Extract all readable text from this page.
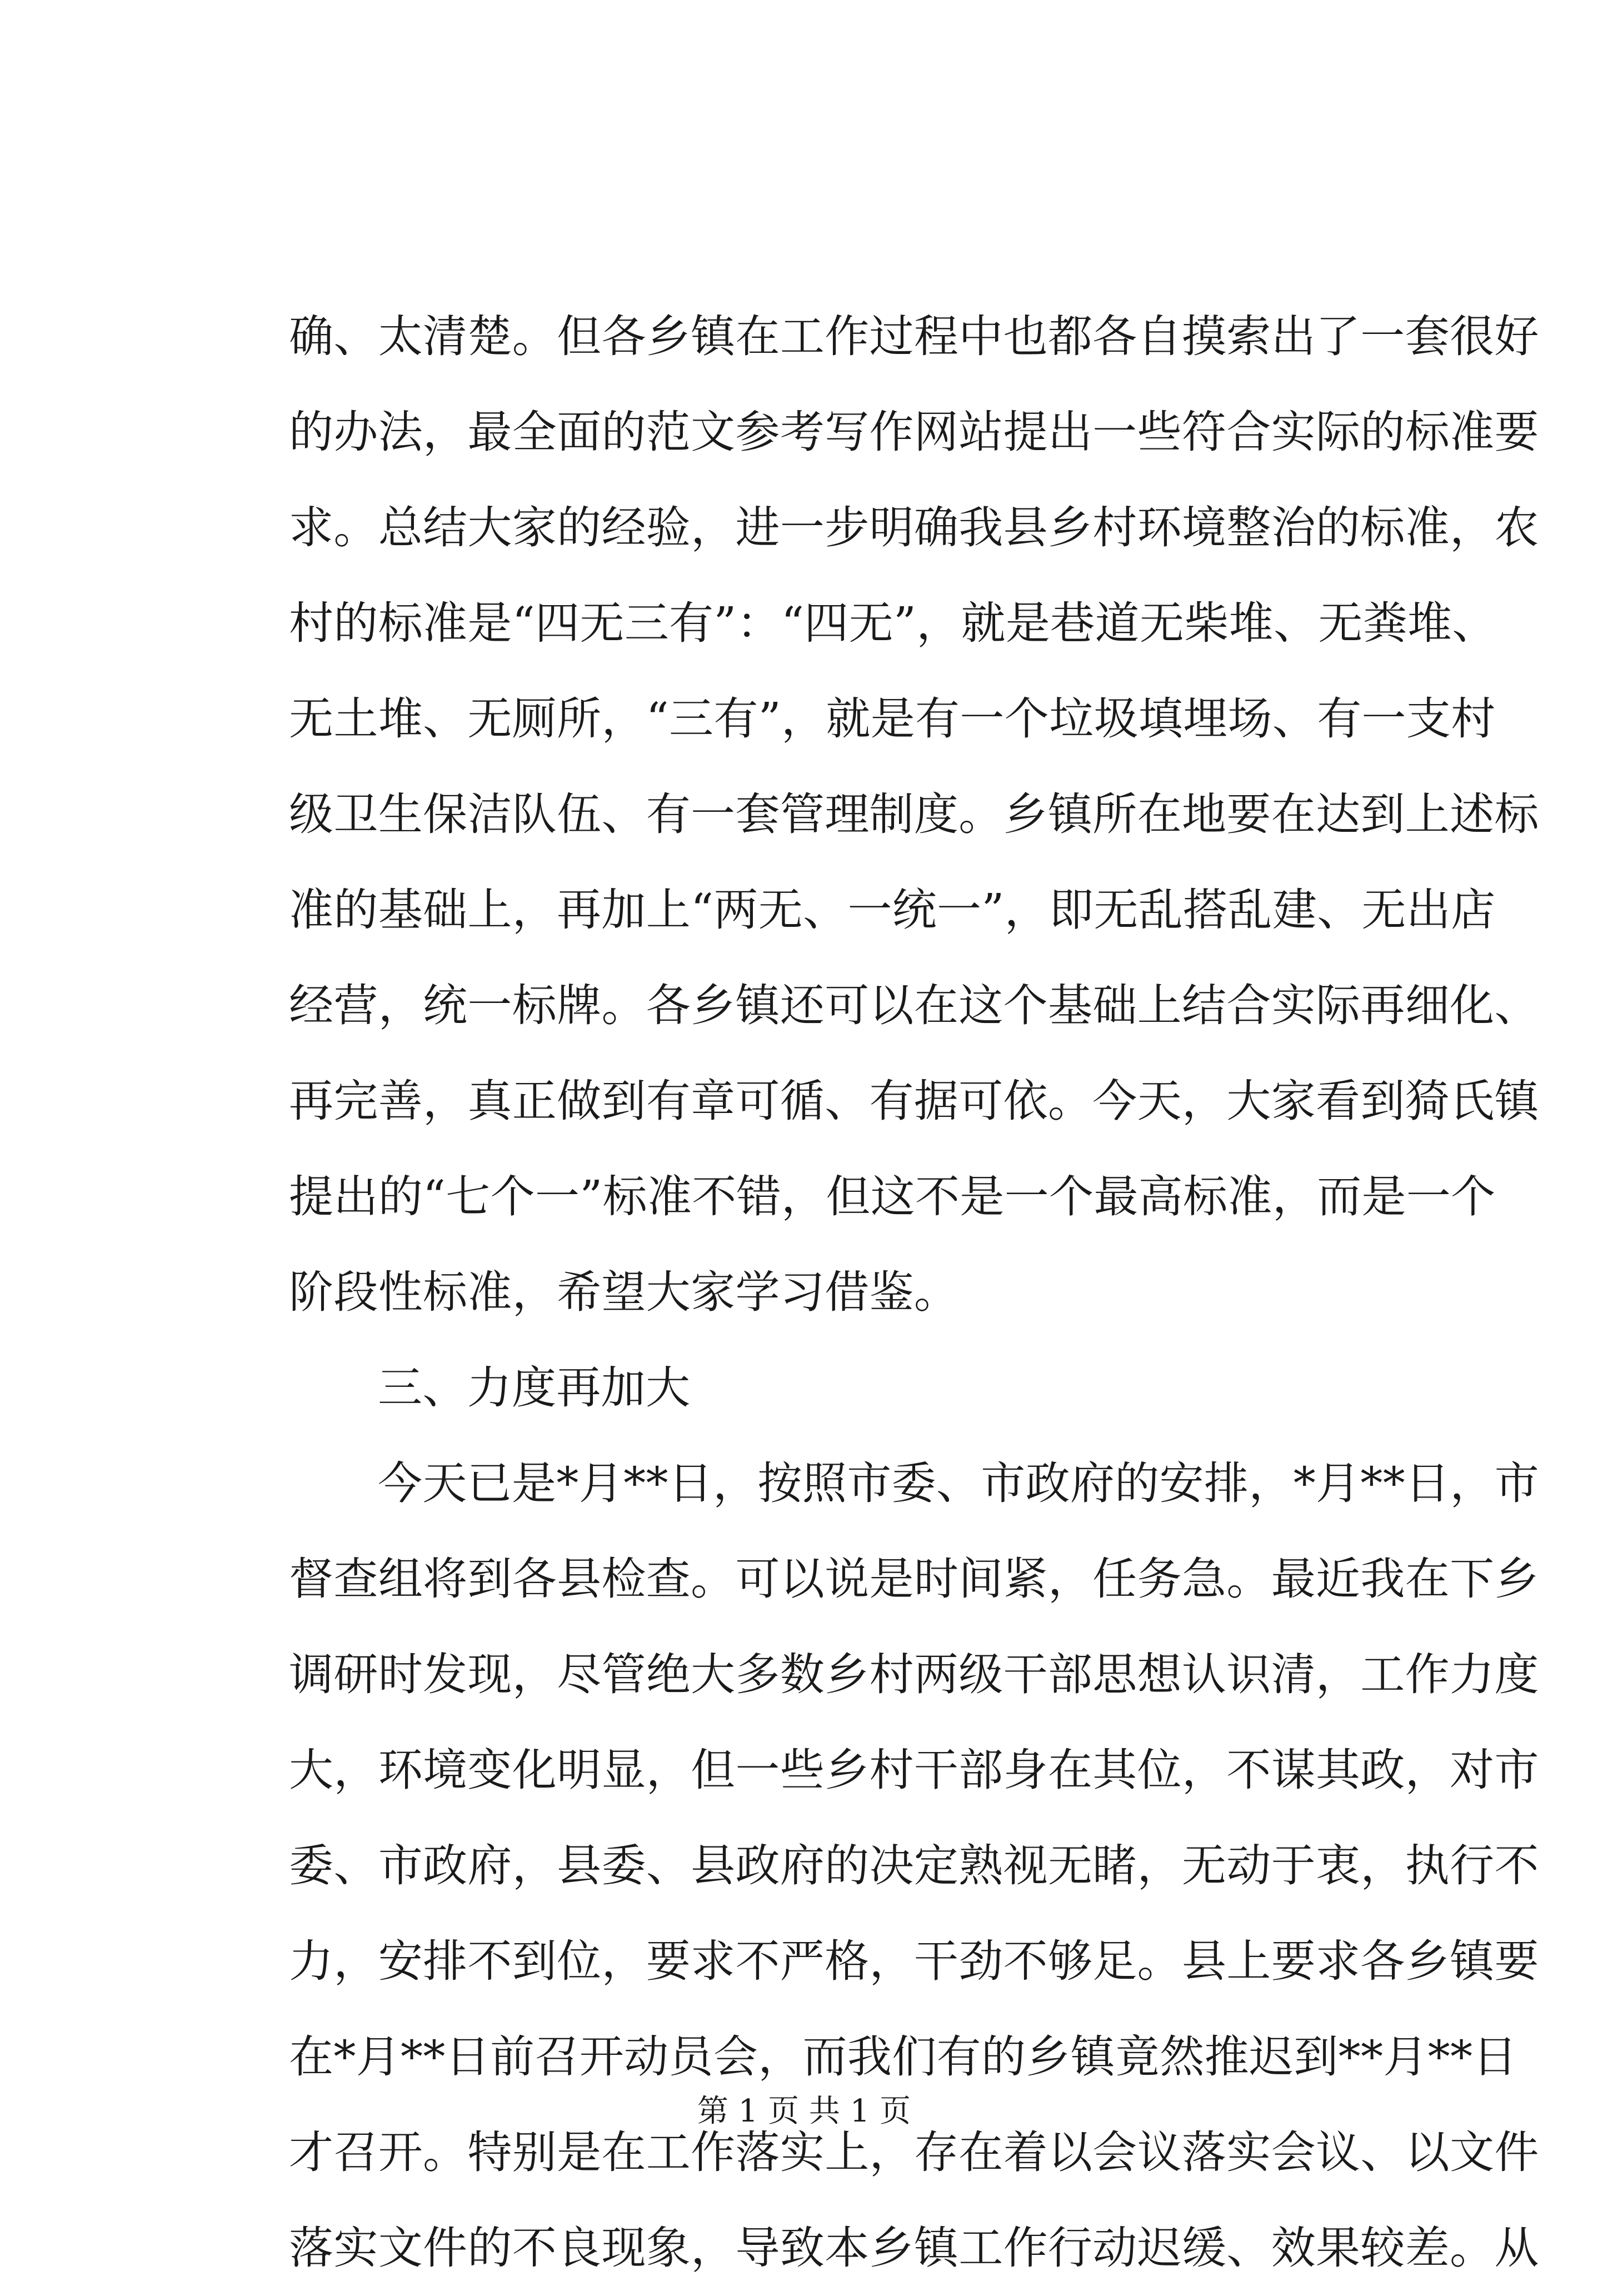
确、太清楚。但各乡镇在工作过程中也都各自摸索出了一套很好
的办法，最全面的范文参考写作网站提出一些符合实际的标准要
求。总结大家的经验，进一步明确我县乡村环境整治的标准，农
村的标准是“四无三有”：“四无”，就是巷道无柴堆、无粪堆、
无土堆、无厕所，“三有”，就是有一个垃圾填埋场、有一支村
级卫生保洁队伍、有一套管理制度。乡镇所在地要在达到上述标
准的基础上，再加上“两无、一统一”，即无乱搭乱建、无出店
经营，统一标牌。各乡镇还可以在这个基础上结合实际再细化、
再完善，真正做到有章可循、有据可依。今天，大家看到猗氏镇
提出的“七个一”标准不错，但这不是一个最高标准，而是一个
阶段性标准，希望大家学习借鉴。
三、力度再加大
今天已是*月**日，按照市委、市政府的安排，*月**日，市
督查组将到各县检查。可以说是时间紧，任务急。最近我在下乡
调研时发现，尽管绝大多数乡村两级干部思想认识清，工作力度
大，环境变化明显，但一些乡村干部身在其位，不谋其政，对市
委、市政府，县委、县政府的决定熟视无睹，无动于衷，执行不
力，安排不到位，要求不严格，干劲不够足。县上要求各乡镇要
在*月**日前召开动员会，而我们有的乡镇竟然推迟到**月**日
才召开。特别是在工作落实上，存在着以会议落实会议、以文件
落实文件的不良现象，导致本乡镇工作行动迟缓、效果较差。从
第 1 页 共 1 页
